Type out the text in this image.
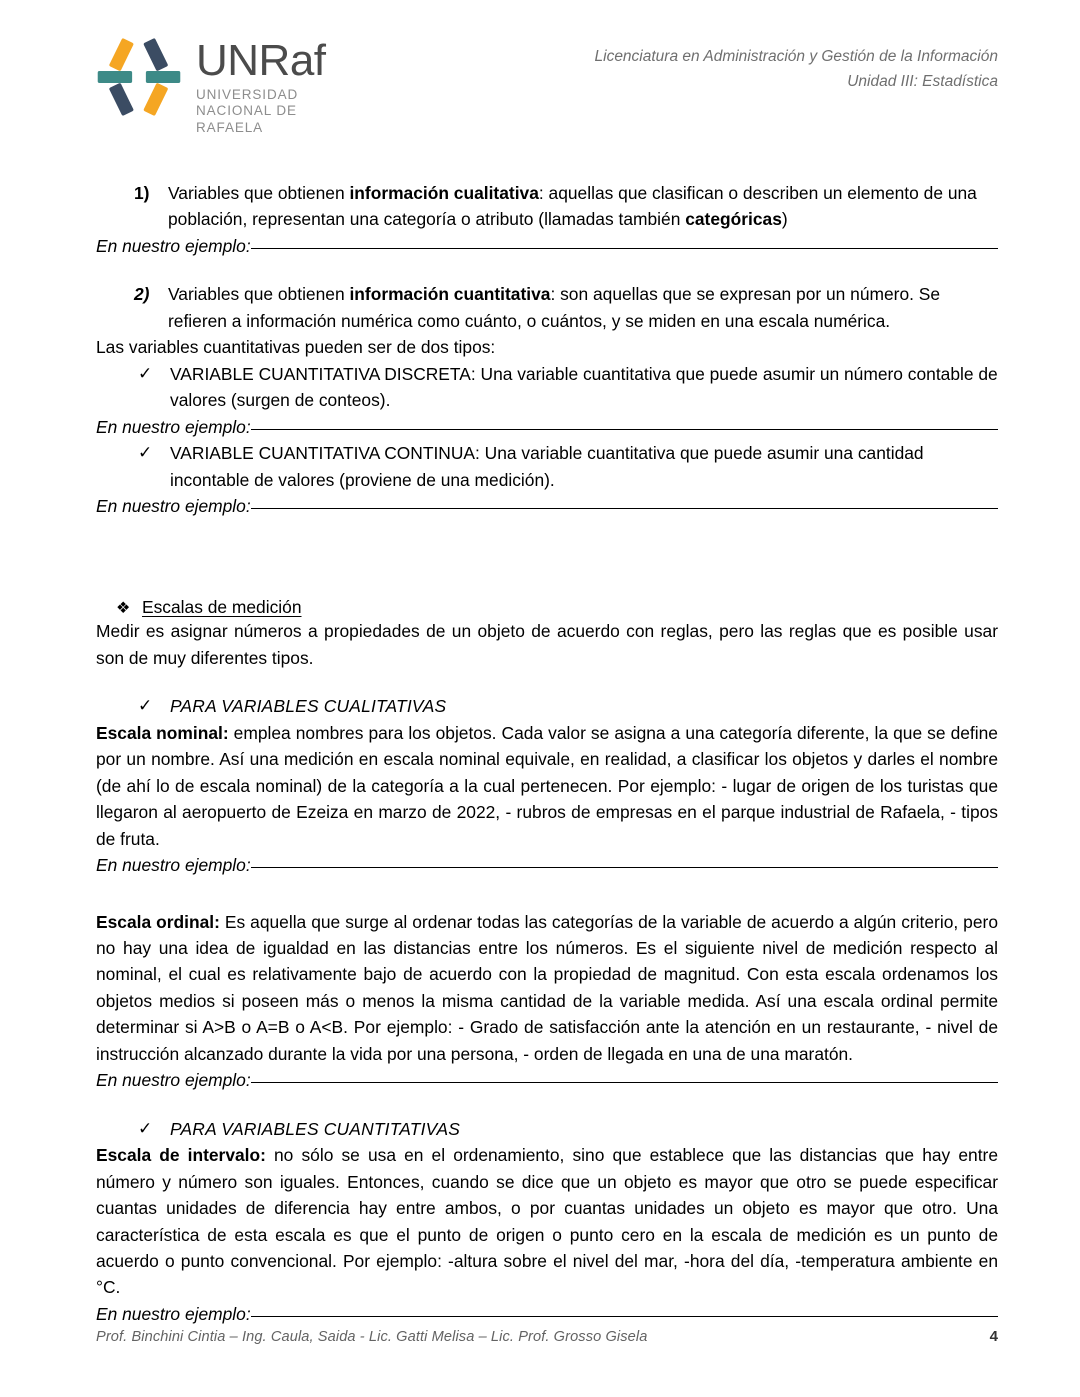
UNRaf
UNIVERSIDAD
NACIONAL DE
RAFAELA
Licenciatura en Administración y Gestión de la Información
Unidad III: Estadística
1)	Variables que obtienen información cualitativa: aquellas que clasifican o describen un elemento de una población, representan una categoría o atributo (llamadas también categóricas)
En nuestro ejemplo:
2)	Variables que obtienen información cuantitativa: son aquellas que se expresan por un número. Se refieren a información numérica como cuánto, o cuántos, y se miden en una escala numérica.
Las variables cuantitativas pueden ser de dos tipos:
✓	VARIABLE CUANTITATIVA DISCRETA: Una variable cuantitativa que puede asumir un número contable de valores (surgen de conteos).
En nuestro ejemplo:
✓	VARIABLE CUANTITATIVA CONTINUA: Una variable cuantitativa que puede asumir una cantidad incontable de valores (proviene de una medición).
En nuestro ejemplo:
❖ Escalas de medición
Medir es asignar números a propiedades de un objeto de acuerdo con reglas, pero las reglas que es posible usar son de muy diferentes tipos.
✓	PARA VARIABLES CUALITATIVAS
Escala nominal: emplea nombres para los objetos. Cada valor se asigna a una categoría diferente, la que se define por un nombre. Así una medición en escala nominal equivale, en realidad, a clasificar los objetos y darles el nombre (de ahí lo de escala nominal) de la categoría a la cual pertenecen. Por ejemplo: - lugar de origen de los turistas que llegaron al aeropuerto de Ezeiza en marzo de 2022, - rubros de empresas en el parque industrial de Rafaela, - tipos de fruta.
En nuestro ejemplo:
Escala ordinal: Es aquella que surge al ordenar todas las categorías de la variable de acuerdo a algún criterio, pero no hay una idea de igualdad en las distancias entre los números. Es el siguiente nivel de medición respecto al nominal, el cual es relativamente bajo de acuerdo con la propiedad de magnitud. Con esta escala ordenamos los objetos medios si poseen más o menos la misma cantidad de la variable medida. Así una escala ordinal permite determinar si A>B o A=B o A<B. Por ejemplo: - Grado de satisfacción ante la atención en un restaurante, - nivel de instrucción alcanzado durante la vida por una persona, - orden de llegada en una de una maratón.
En nuestro ejemplo:
✓	PARA VARIABLES CUANTITATIVAS
Escala de intervalo: no sólo se usa en el ordenamiento, sino que establece que las distancias que hay entre número y número son iguales. Entonces, cuando se dice que un objeto es mayor que otro se puede especificar cuantas unidades de diferencia hay entre ambos, o por cuantas unidades un objeto es mayor que otro. Una característica de esta escala es que el punto de origen o punto cero en la escala de medición es un punto de acuerdo o punto convencional. Por ejemplo: -altura sobre el nivel del mar, -hora del día, -temperatura ambiente en °C.
En nuestro ejemplo:
Prof. Binchini Cintia – Ing. Caula, Saida - Lic. Gatti Melisa – Lic. Prof. Grosso Gisela	4
